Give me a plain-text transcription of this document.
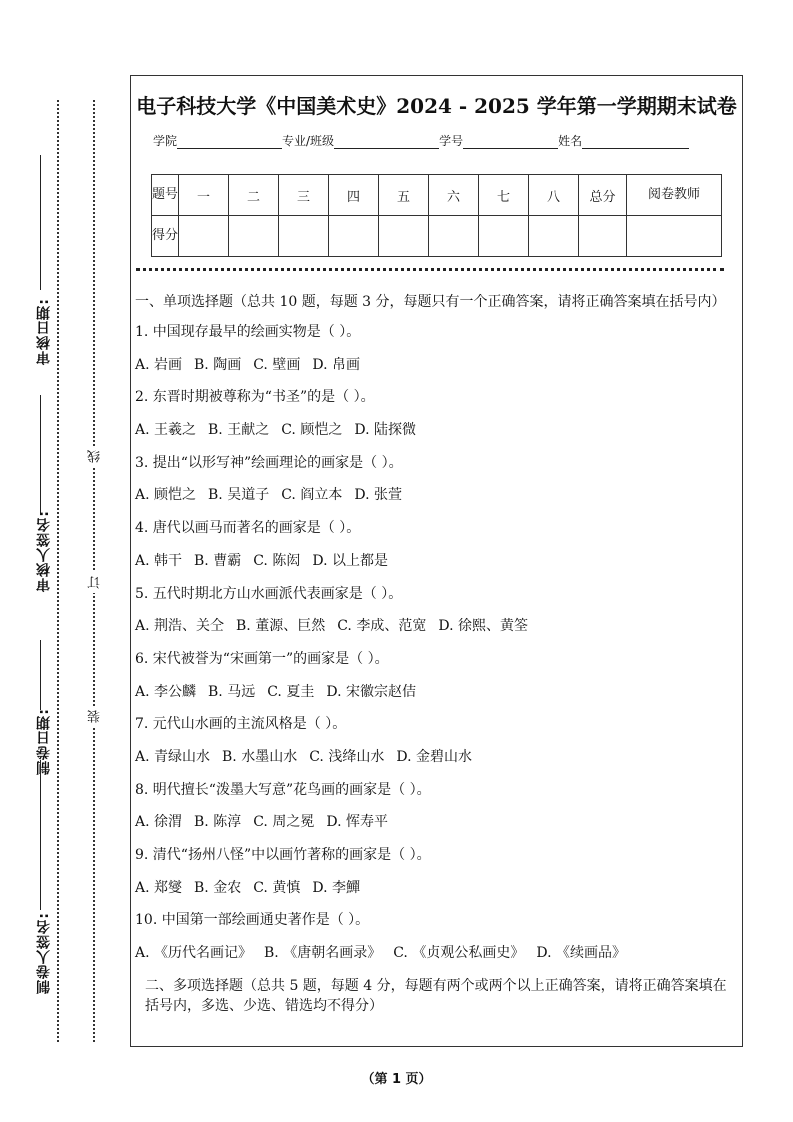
审核日期:
审核人签名:
制卷日期:
制卷人签名:
线
订
装
电子科技大学《中国美术史》2024 - 2025 学年第一学期期末试卷
学院	专业/班级	学号	姓名
题号	一	二	三	四	五	六	七	八	总分	阅卷教师
得分										
一、单项选择题（总共 10 题，每题 3 分，每题只有一个正确答案，请将正确答案填在括号内）
1. 中国现存最早的绘画实物是（ ）。
A. 岩画 B. 陶画 C. 壁画 D. 帛画
2. 东晋时期被尊称为“书圣”的是（ ）。
A. 王羲之 B. 王献之 C. 顾恺之 D. 陆探微
3. 提出“以形写神”绘画理论的画家是（ ）。
A. 顾恺之 B. 吴道子 C. 阎立本 D. 张萱
4. 唐代以画马而著名的画家是（ ）。
A. 韩干 B. 曹霸 C. 陈闳 D. 以上都是
5. 五代时期北方山水画派代表画家是（ ）。
A. 荆浩、关仝 B. 董源、巨然 C. 李成、范宽 D. 徐熙、黄筌
6. 宋代被誉为“宋画第一”的画家是（ ）。
A. 李公麟 B. 马远 C. 夏圭 D. 宋徽宗赵佶
7. 元代山水画的主流风格是（ ）。
A. 青绿山水 B. 水墨山水 C. 浅绛山水 D. 金碧山水
8. 明代擅长“泼墨大写意”花鸟画的画家是（ ）。
A. 徐渭 B. 陈淳 C. 周之冕 D. 恽寿平
9. 清代“扬州八怪”中以画竹著称的画家是（ ）。
A. 郑燮 B. 金农 C. 黄慎 D. 李鱓
10. 中国第一部绘画通史著作是（ ）。
A. 《历代名画记》 B. 《唐朝名画录》 C. 《贞观公私画史》 D. 《续画品》
二、多项选择题（总共 5 题，每题 4 分，每题有两个或两个以上正确答案，请将正确答案填在括号内，多选、少选、错选均不得分）
（第 1 页）
